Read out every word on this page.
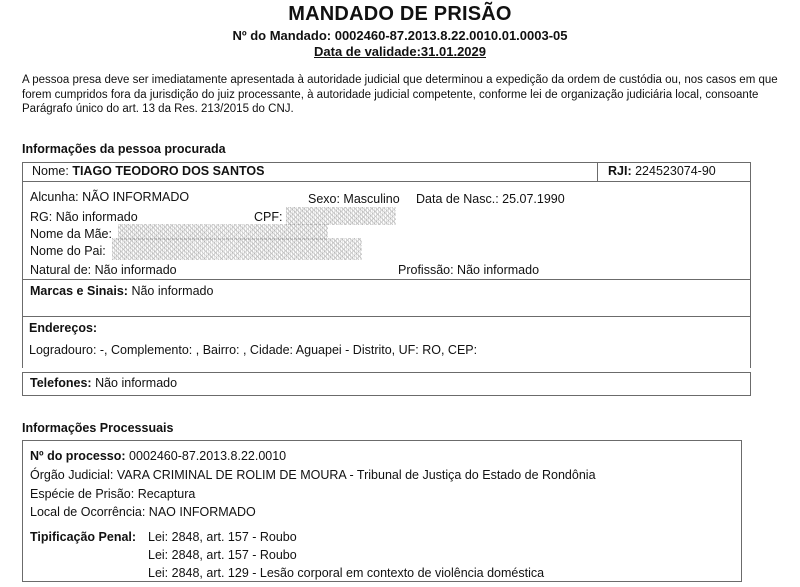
MANDADO DE PRISÃO
Nº do Mandado: 0002460-87.2013.8.22.0010.01.0003-05
Data de validade:31.01.2029
A pessoa presa deve ser imediatamente apresentada à autoridade judicial que determinou a expedição da ordem de custódia ou, nos casos em que forem cumpridos fora da jurisdição do juiz processante, à autoridade judicial competente, conforme lei de organização judiciária local, consoante Parágrafo único do art. 13 da Res. 213/2015 do CNJ.
Informações da pessoa procurada
Nome: TIAGO TEODORO DOS SANTOS	RJI: 224523074-90
Alcunha: NÃO INFORMADO	Sexo: Masculino Data de Nasc.: 25.07.1990
RG: Não informado	CPF:
Nome da Mãe:
Nome do Pai:
Natural de: Não informado	Profissão: Não informado
Marcas e Sinais: Não informado
Endereços:
Logradouro: -, Complemento: , Bairro: , Cidade: Aguapei - Distrito, UF: RO, CEP:
Telefones: Não informado
Informações Processuais
Nº do processo: 0002460-87.2013.8.22.0010
Órgão Judicial: VARA CRIMINAL DE ROLIM DE MOURA - Tribunal de Justiça do Estado de Rondônia
Espécie de Prisão: Recaptura
Local de Ocorrência: NAO INFORMADO
Tipificação Penal: Lei: 2848, art. 157 - Roubo
Lei: 2848, art. 157 - Roubo
Lei: 2848, art. 129 - Lesão corporal em contexto de violência doméstica
